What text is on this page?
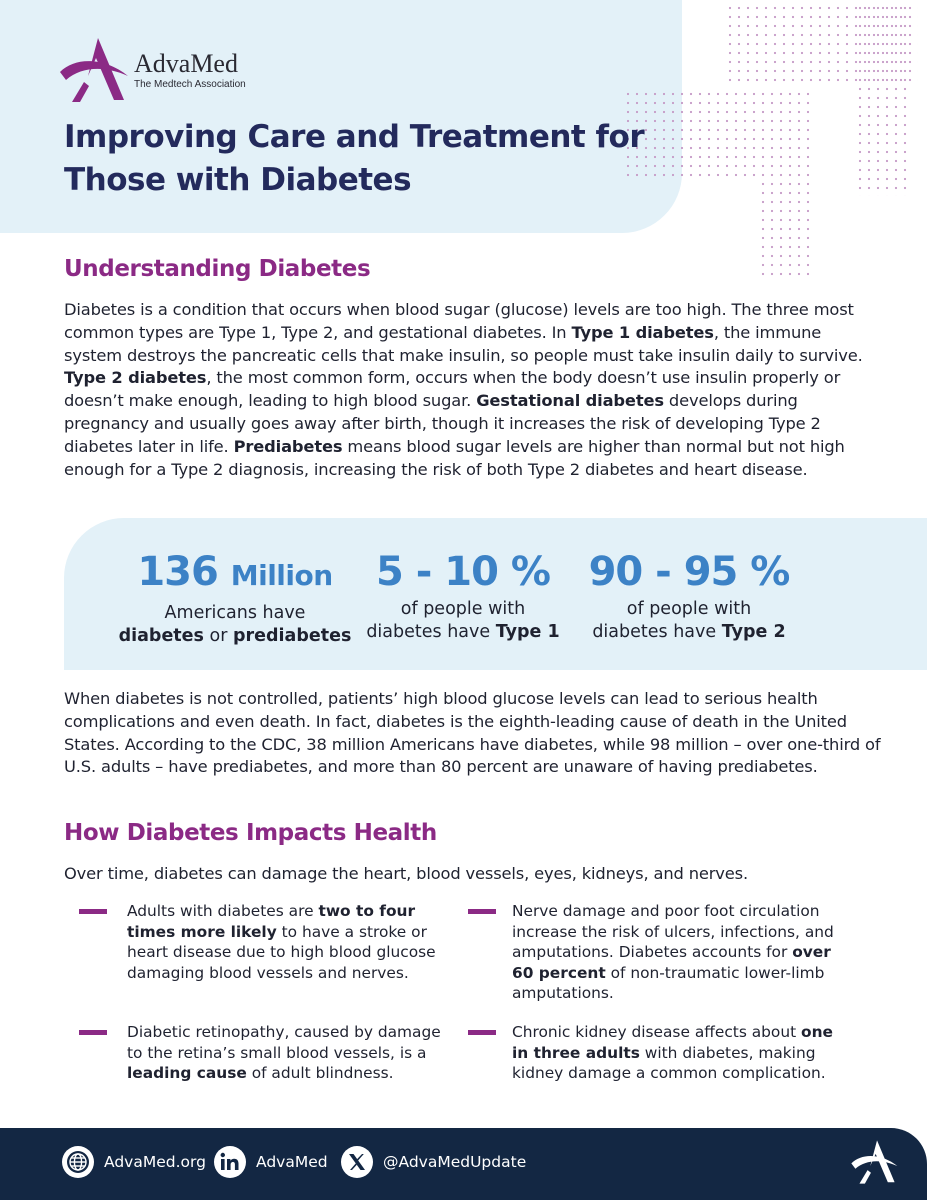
AdvaMed
The Medtech Association
Improving Care and Treatment for
Those with Diabetes
Understanding Diabetes

Diabetes is a condition that occurs when blood sugar (glucose) levels are too high. The three most common types are Type 1, Type 2, and gestational diabetes. In Type 1 diabetes, the immune system destroys the pancreatic cells that make insulin, so people must take insulin daily to survive. Type 2 diabetes, the most common form, occurs when the body doesn’t use insulin properly or doesn’t make enough, leading to high blood sugar. Gestational diabetes develops during pregnancy and usually goes away after birth, though it increases the risk of developing Type 2 diabetes later in life. Prediabetes means blood sugar levels are higher than normal but not high enough for a Type 2 diagnosis, increasing the risk of both Type 2 diabetes and heart disease.

136 Million
Americans have
diabetes or prediabetes
5 - 10 %
of people with
diabetes have Type 1
90 - 95 %
of people with
diabetes have Type 2

When diabetes is not controlled, patients’ high blood glucose levels can lead to serious health complications and even death. In fact, diabetes is the eighth-leading cause of death in the United States. According to the CDC, 38 million Americans have diabetes, while 98 million – over one-third of U.S. adults – have prediabetes, and more than 80 percent are unaware of having prediabetes.

How Diabetes Impacts Health

Over time, diabetes can damage the heart, blood vessels, eyes, kidneys, and nerves.

Adults with diabetes are two to four times more likely to have a stroke or heart disease due to high blood glucose damaging blood vessels and nerves.
Nerve damage and poor foot circulation increase the risk of ulcers, infections, and amputations. Diabetes accounts for over 60 percent of non-traumatic lower-limb amputations.
Diabetic retinopathy, caused by damage to the retina’s small blood vessels, is a leading cause of adult blindness.
Chronic kidney disease affects about one in three adults with diabetes, making kidney damage a common complication.
AdvaMed.org	AdvaMed	@AdvaMedUpdate
